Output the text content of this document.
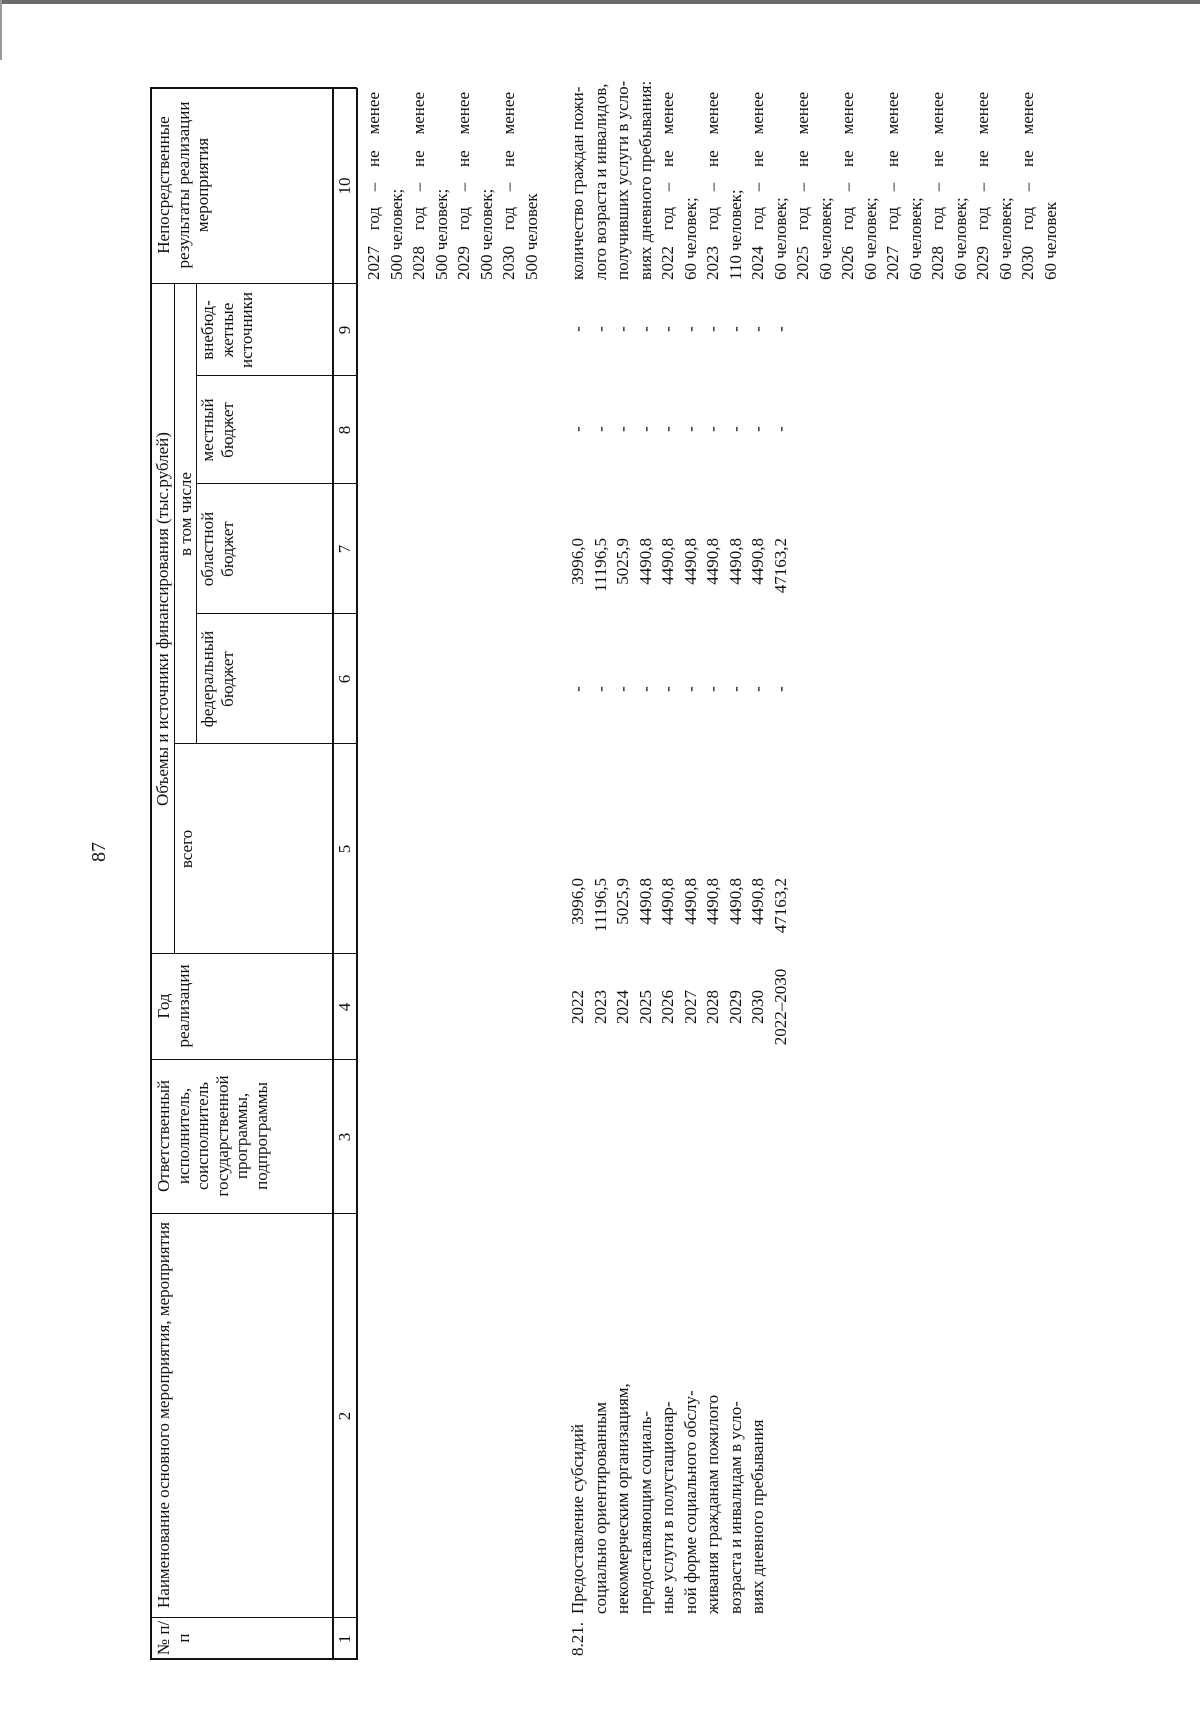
87
№ п/п
Наименование основного мероприятия, мероприятия
Ответственный исполнитель, соисполнитель государственной программы, подпрограммы
Год реализации
Объемы и источники финансирования (тыс.рублей)
всего
в том числе
федеральный бюджет
областной бюджет
местный бюджет
внебюд-жетные источники
Непосредственные результаты реализации мероприятия
1
2
3
4
5
6
7
8
9
10
2027
год
–
не
менее
500 человек; 2028
год
–
не
менее
500 человек; 2029
год
–
не
менее
500 человек; 2030
год
–
не
менее
500 человек
8.21.
Предоставление субсидий социально ориентированным некоммерческим организациям, предоставляющим социаль- ные услуги в полустационар- ной форме социального обслу- живания гражданам пожилого возраста и инвалидам в усло- виях дневного пребывания
2022 2023 2024 2025 2026 2027 2028 2029 2030 2022–2030
3996,0 11196,5 5025,9 4490,8 4490,8 4490,8 4490,8 4490,8 4490,8 47163,2
- - - - - - - - - -
3996,0 11196,5 5025,9 4490,8 4490,8 4490,8 4490,8 4490,8 4490,8 47163,2
- - - - - - - - - -
- - - - - - - - - -
количество граждан пожи- лого возраста и инвалидов, получивших услуги в усло- виях дневного пребывания: 2022
год
–
не
менее
60 человек; 2023
год
–
не
менее
110 человек; 2024
год
–
не
менее
60 человек; 2025
год
–
не
менее
60 человек; 2026
год
–
не
менее
60 человек; 2027
год
–
не
менее
60 человек; 2028
год
–
не
менее
60 человек; 2029
год
–
не
менее
60 человек; 2030
год
–
не
менее
60 человек
